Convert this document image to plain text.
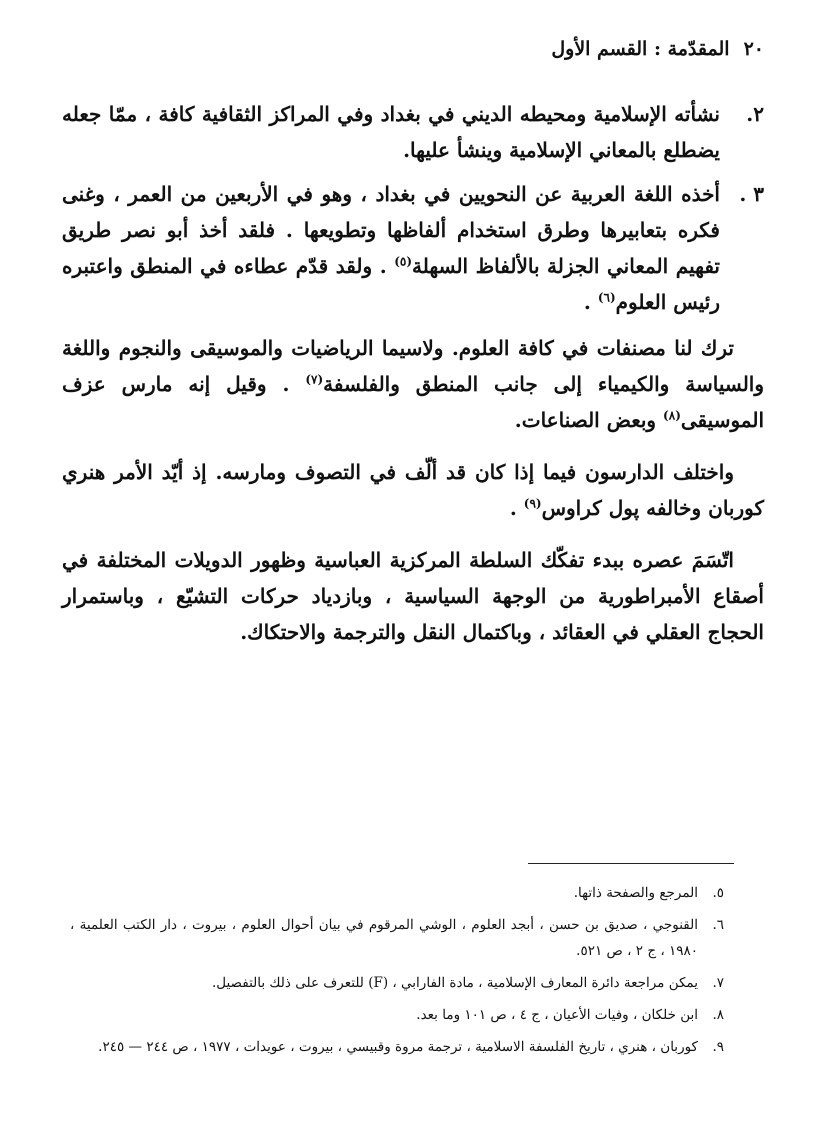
٢٠
المقدّمة : القسم الأول
٢.
نشأته الإسلامية ومحيطه الديني في بغداد وفي المراكز الثقافية كافة ، ممّا جعله يضطلع بالمعاني الإسلامية وينشأ عليها.
٣ .
أخذه اللغة العربية عن النحويين في بغداد ، وهو في الأربعين من العمر ، وغنى فكره بتعابيرها وطرق استخدام ألفاظها وتطويعها . فلقد أخذ أبو نصر طريق تفهيم المعاني الجزلة بالألفاظ السهلة$^{(٥)}$ . ولقد قدّم عطاءه في المنطق واعتبره رئيس العلوم$^{(٦)}$ .

ترك لنا مصنفات في كافة العلوم. ولاسيما الرياضيات والموسيقى والنجوم واللغة والسياسة والكيمياء إلى جانب المنطق والفلسفة$^{(٧)}$ . وقيل إنه مارس عزف الموسيقى$^{(٨)}$ وبعض الصناعات.

واختلف الدارسون فيما إذا كان قد ألّف في التصوف ومارسه. إذ أيّد الأمر هنري كوربان وخالفه پول كراوس$^{(٩)}$ .

اتّسَمَ عصره ببدء تفكّك السلطة المركزية العباسية وظهور الدويلات المختلفة في أصقاع الأمبراطورية من الوجهة السياسية ، وبازدياد حركات التشيّع ، وباستمرار الحجاج العقلي في العقائد ، وباكتمال النقل والترجمة والاحتكاك.

٥.
المرجع والصفحة ذاتها.
٦.
القنوجي ، صديق بن حسن ، أبجد العلوم ، الوشي المرقوم في بيان أحوال العلوم ، بيروت ، دار الكتب العلمية ، ١٩٨٠ ، ج ٢ ، ص ٥٢١.
٧.
يمكن مراجعة دائرة المعارف الإسلامية ، مادة الفارابي ، (F) للتعرف على ذلك بالتفصيل.
٨.
ابن خلكان ، وفيات الأعيان ، ج ٤ ، ص ١٠١ وما بعد.
٩.
كوربان ، هنري ، تاريخ الفلسفة الاسلامية ، ترجمة مروة وقبيسي ، بيروت ، عويدات ، ١٩٧٧ ، ص ٢٤٤ — ٢٤٥.
